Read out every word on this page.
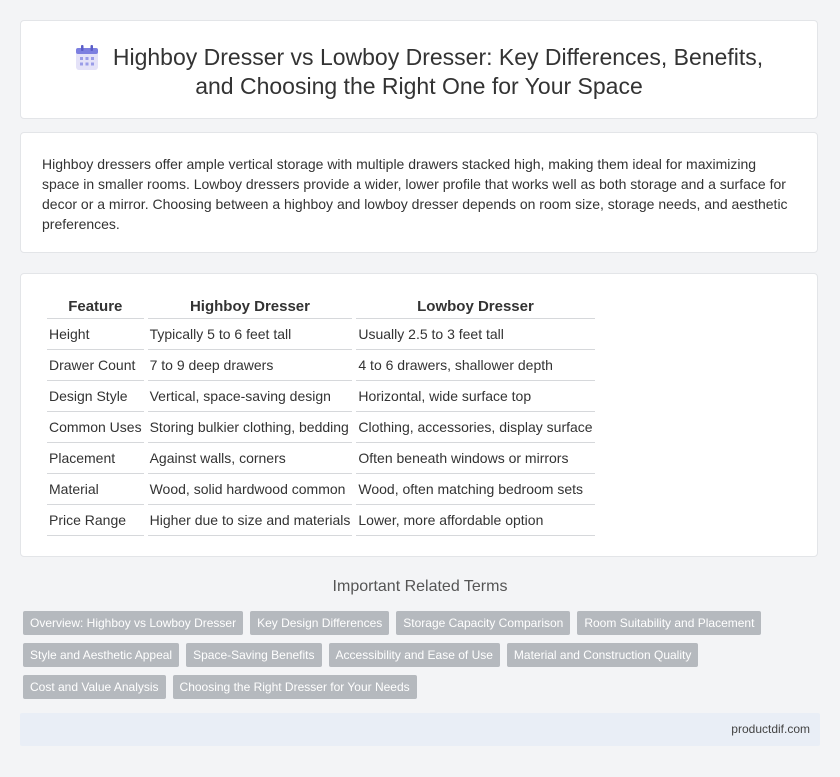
Highboy Dresser vs Lowboy Dresser: Key Differences, Benefits,
and Choosing the Right One for Your Space

Highboy dressers offer ample vertical storage with multiple drawers stacked high, making them ideal for maximizing space in smaller rooms. Lowboy dressers provide a wider, lower profile that works well as both storage and a surface for decor or a mirror. Choosing between a highboy and lowboy dresser depends on room size, storage needs, and aesthetic preferences.

Feature	Highboy Dresser	Lowboy Dresser
Height	Typically 5 to 6 feet tall	Usually 2.5 to 3 feet tall
Drawer Count	7 to 9 deep drawers	4 to 6 drawers, shallower depth
Design Style	Vertical, space-saving design	Horizontal, wide surface top
Common Uses	Storing bulkier clothing, bedding	Clothing, accessories, display surface
Placement	Against walls, corners	Often beneath windows or mirrors
Material	Wood, solid hardwood common	Wood, often matching bedroom sets
Price Range	Higher due to size and materials	Lower, more affordable option
Important Related Terms
Overview: Highboy vs Lowboy Dresser	Key Design Differences	Storage Capacity Comparison	Room Suitability and Placement
Style and Aesthetic Appeal	Space-Saving Benefits	Accessibility and Ease of Use	Material and Construction Quality
Cost and Value Analysis	Choosing the Right Dresser for Your Needs
productdif.com
